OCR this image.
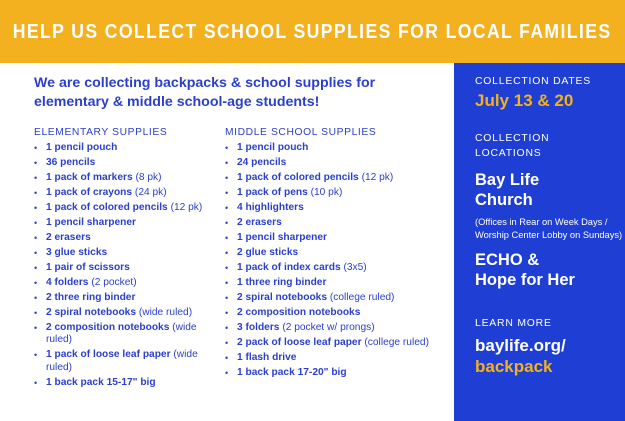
HELP US COLLECT SCHOOL SUPPLIES FOR LOCAL FAMILIES
We are collecting backpacks & school supplies for elementary & middle school-age students!
ELEMENTARY SUPPLIES
• 1 pencil pouch
• 36 pencils
• 1 pack of markers (8 pk)
• 1 pack of crayons (24 pk)
• 1 pack of colored pencils (12 pk)
• 1 pencil sharpener
• 2 erasers
• 3 glue sticks
• 1 pair of scissors
• 4 folders (2 pocket)
• 2 three ring binder
• 2 spiral notebooks (wide ruled)
• 2 composition notebooks (wide ruled)
• 1 pack of loose leaf paper (wide ruled)
• 1 back pack 15-17" big
MIDDLE SCHOOL SUPPLIES
• 1 pencil pouch
• 24 pencils
• 1 pack of colored pencils (12 pk)
• 1 pack of pens (10 pk)
• 4 highlighters
• 2 erasers
• 1 pencil sharpener
• 2 glue sticks
• 1 pack of index cards (3x5)
• 1 three ring binder
• 2 spiral notebooks (college ruled)
• 2 composition notebooks
• 3 folders (2 pocket w/ prongs)
• 2 pack of loose leaf paper (college ruled)
• 1 flash drive
• 1 back pack 17-20" big
COLLECTION DATES
July 13 & 20
COLLECTION
LOCATIONS
Bay Life
Church
(Offices in Rear on Week Days / Worship Center Lobby on Sundays)
ECHO &
Hope for Her
LEARN MORE
baylife.org/
backpack
